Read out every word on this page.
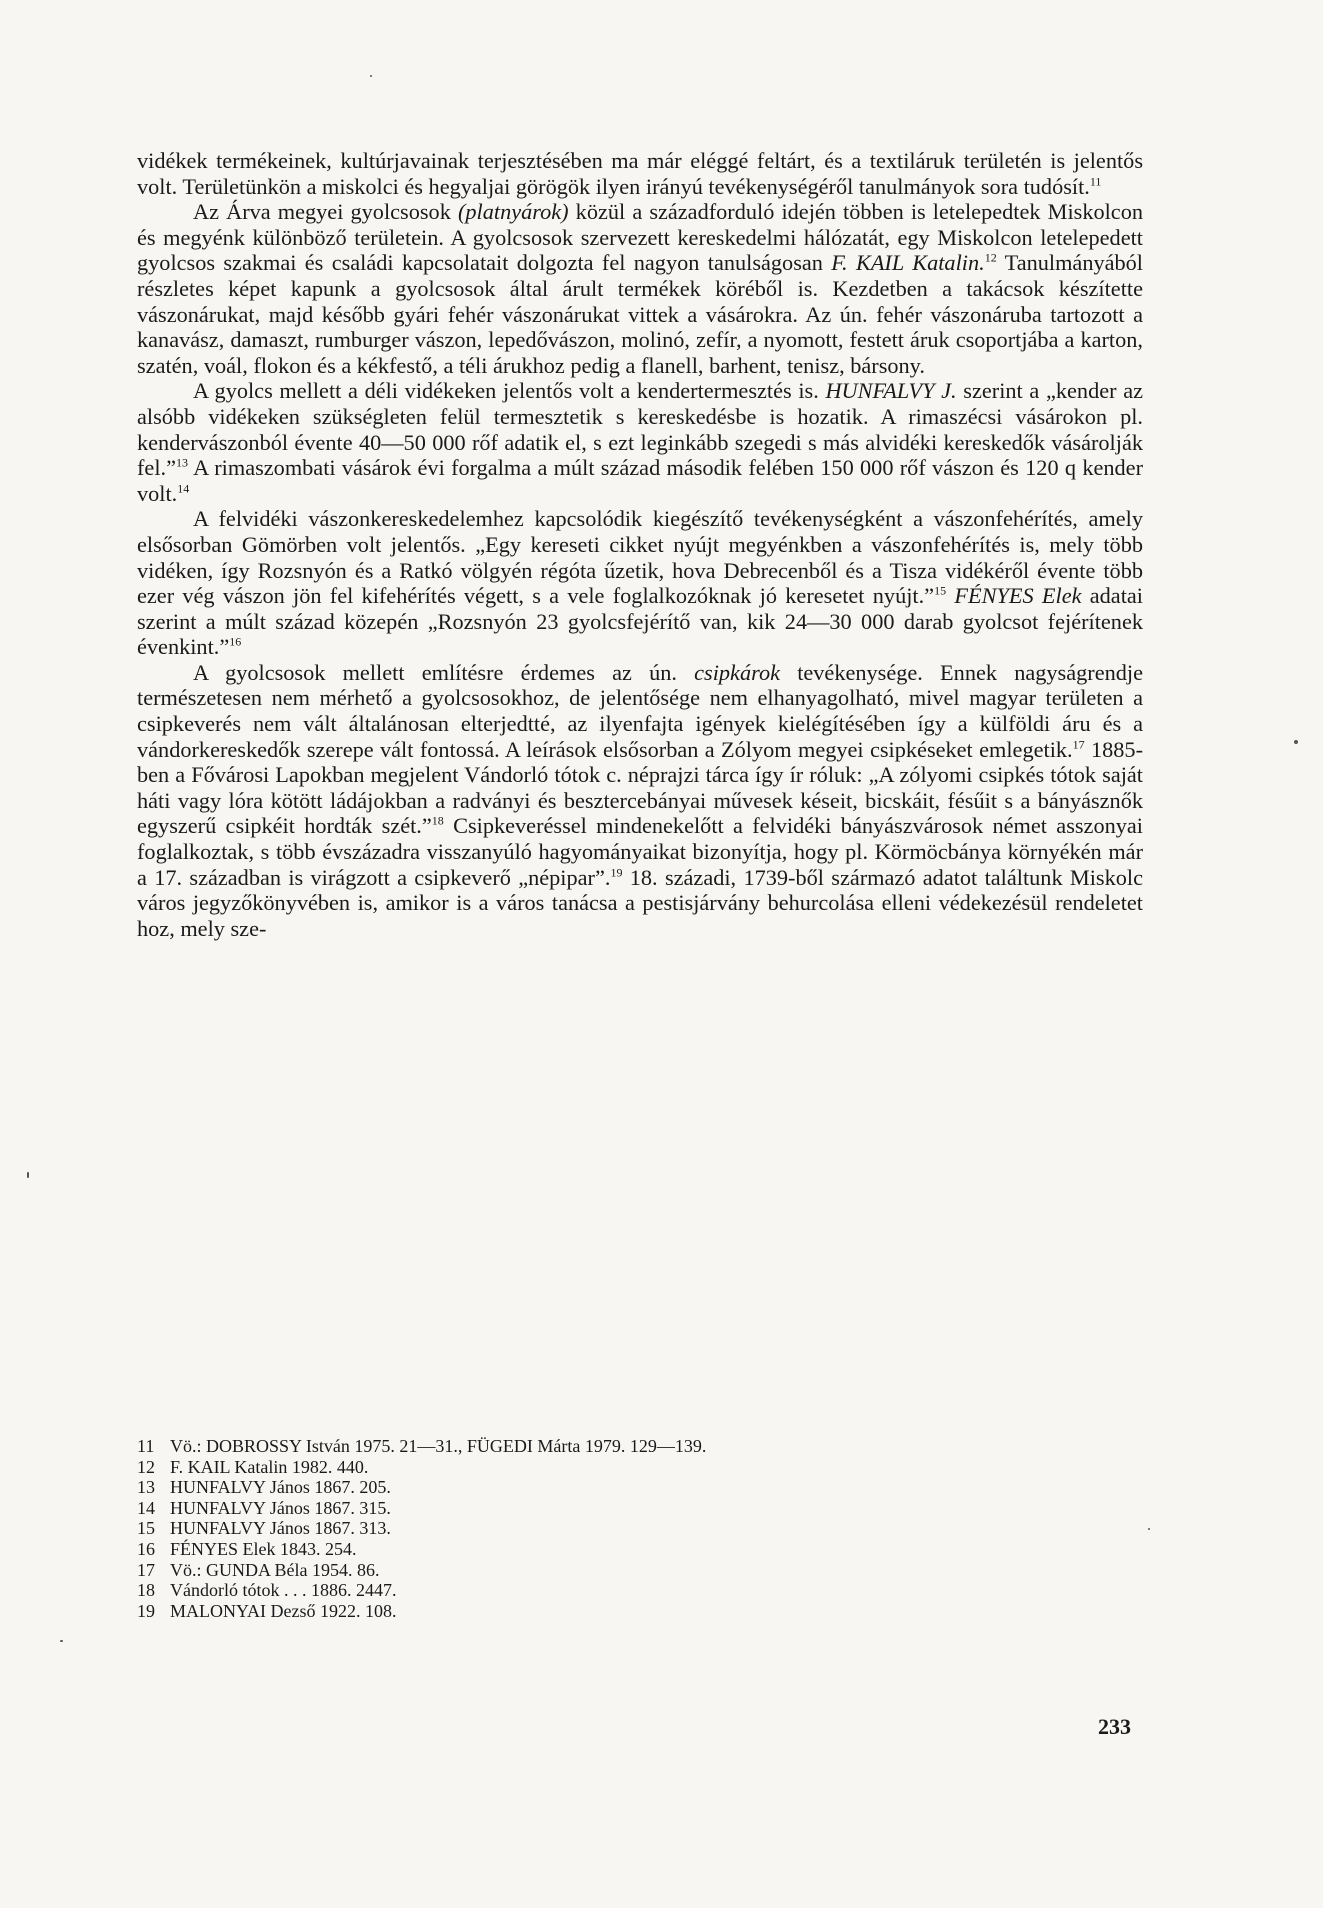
vidékek termékeinek, kultúrjavainak terjesztésében ma már eléggé feltárt, és a textiláruk területén is jelentős volt. Területünkön a miskolci és hegyaljai görögök ilyen irányú tevékenységéről tanulmányok sora tudósít.$^{11}$

Az Árva megyei gyolcsosok (platnyárok) közül a századforduló idején többen is letelepedtek Miskolcon és megyénk különböző területein. A gyolcsosok szervezett kereskedelmi hálózatát, egy Miskolcon letelepedett gyolcsos szakmai és családi kapcsolatait dolgozta fel nagyon tanulságosan F. KAIL Katalin.$^{12}$ Tanulmányából részletes képet kapunk a gyolcsosok által árult termékek köréből is. Kezdetben a takácsok készítette vászonárukat, majd később gyári fehér vászonárukat vittek a vásárokra. Az ún. fehér vászonáruba tartozott a kanavász, damaszt, rumburger vászon, lepedővászon, molinó, zefír, a nyomott, festett áruk csoportjába a karton, szatén, voál, flokon és a kékfestő, a téli árukhoz pedig a flanell, barhent, tenisz, bársony.

A gyolcs mellett a déli vidékeken jelentős volt a kendertermesztés is. HUNFALVY J. szerint a „kender az alsóbb vidékeken szükségleten felül termesztetik s kereskedésbe is hozatik. A rimaszécsi vásárokon pl. kendervászonból évente 40—50 000 rőf adatik el, s ezt leginkább szegedi s más alvidéki kereskedők vásárolják fel.”$^{13}$ A rimaszombati vásárok évi forgalma a múlt század második felében 150 000 rőf vászon és 120 q kender volt.$^{14}$

A felvidéki vászonkereskedelemhez kapcsolódik kiegészítő tevékenységként a vászonfehérítés, amely elsősorban Gömörben volt jelentős. „Egy kereseti cikket nyújt megyénkben a vászonfehérítés is, mely több vidéken, így Rozsnyón és a Ratkó völgyén régóta űzetik, hova Debrecenből és a Tisza vidékéről évente több ezer vég vászon jön fel kifehérítés végett, s a vele foglalkozóknak jó keresetet nyújt.”$^{15}$ FÉNYES Elek adatai szerint a múlt század közepén „Rozsnyón 23 gyolcsfejérítő van, kik 24—30 000 darab gyolcsot fejérítenek évenkint.”$^{16}$

A gyolcsosok mellett említésre érdemes az ún. csipkárok tevékenysége. Ennek nagyságrendje természetesen nem mérhető a gyolcsosokhoz, de jelentősége nem elhanyagolható, mivel magyar területen a csipkeverés nem vált általánosan elterjedtté, az ilyenfajta igények kielégítésében így a külföldi áru és a vándorkereskedők szerepe vált fontossá. A leírások elsősorban a Zólyom megyei csipkéseket emlegetik.$^{17}$ 1885-ben a Fővárosi Lapokban megjelent Vándorló tótok c. néprajzi tárca így ír róluk: „A zólyomi csipkés tótok saját háti vagy lóra kötött ládájokban a radványi és besztercebányai művesek késeit, bicskáit, fésűit s a bányásznők egyszerű csipkéit hordták szét.”$^{18}$ Csipkeveréssel mindenekelőtt a felvidéki bányászvárosok német asszonyai foglalkoztak, s több évszázadra visszanyúló hagyományaikat bizonyítja, hogy pl. Körmöcbánya környékén már a 17. században is virágzott a csipkeverő „népipar”.$^{19}$ 18. századi, 1739-ből származó adatot találtunk Miskolc város jegyzőkönyvében is, amikor is a város tanácsa a pestisjárvány behurcolása elleni védekezésül rendeletet hoz, mely sze-

11 Vö.: DOBROSSY István 1975. 21—31., FÜGEDI Márta 1979. 129—139.

12 F. KAIL Katalin 1982. 440.

13 HUNFALVY János 1867. 205.

14 HUNFALVY János 1867. 315.

15 HUNFALVY János 1867. 313.

16 FÉNYES Elek 1843. 254.

17 Vö.: GUNDA Béla 1954. 86.

18 Vándorló tótok . . . 1886. 2447.

19 MALONYAI Dezső 1922. 108.

233
